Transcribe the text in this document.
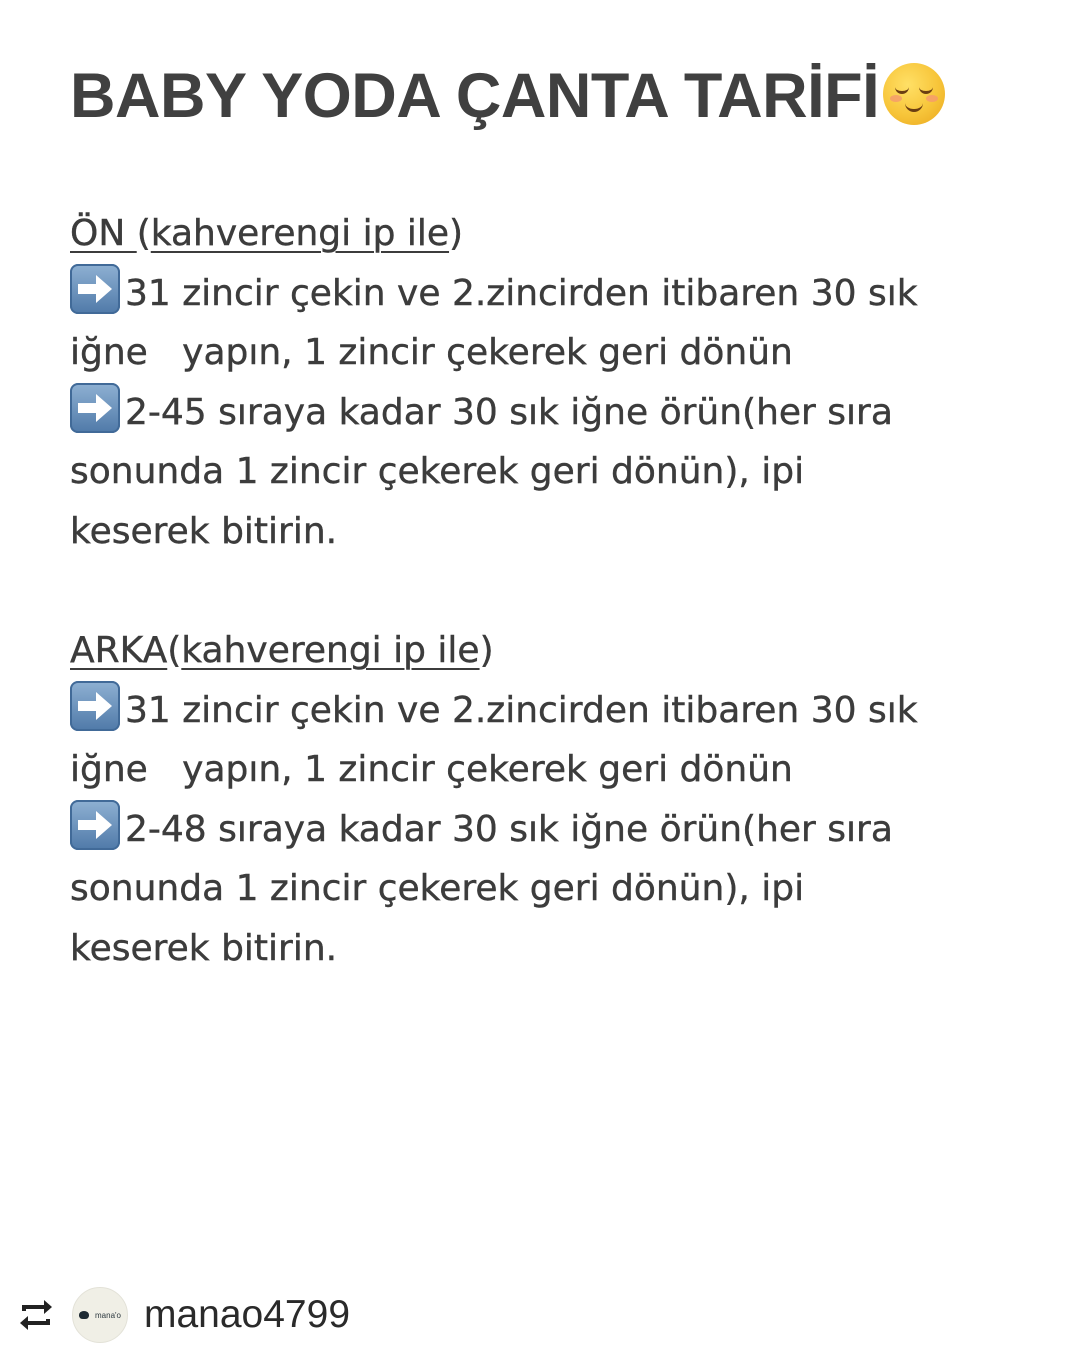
BABY YODA ÇANTA TARİFİ
ÖN (kahverengi ip ile)
31 zincir çekin ve 2.zincirden itibaren 30 sık
iğne   yapın, 1 zincir çekerek geri dönün
2-45 sıraya kadar 30 sık iğne örün(her sıra
sonunda 1 zincir çekerek geri dönün), ipi
keserek bitirin.
ARKA(kahverengi ip ile)
31 zincir çekin ve 2.zincirden itibaren 30 sık
iğne   yapın, 1 zincir çekerek geri dönün
2-48 sıraya kadar 30 sık iğne örün(her sıra
sonunda 1 zincir çekerek geri dönün), ipi
keserek bitirin.
mana'o manao4799
